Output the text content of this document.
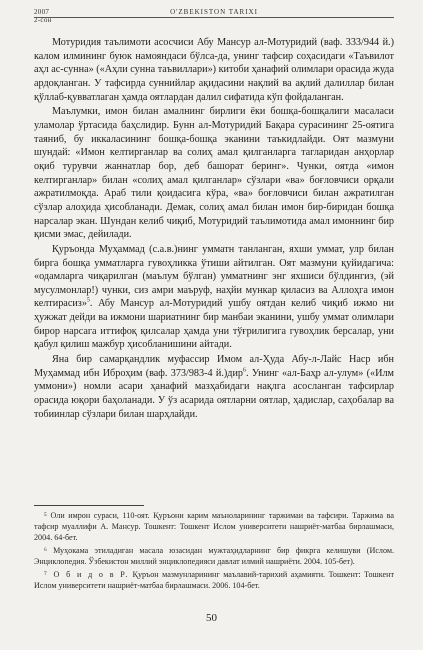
2007
2-сон
O'ZBEKISTON TARIXI

Мотуридия таълимоти асосчиси Абу Мансур ал-Мотуридий (ваф. 333/944 й.) калом илмининг буюк намояндаси бўлса-да, унинг тафсир соҳасидаги «Таъвилот аҳл ас-сунна» («Аҳли сунна таъвиллари») китоби ҳанафий олимлари орасида жуда ардоқланган. У тафсирда суннийлар ақидасини нақлий ва ақлий далиллар билан қўллаб-қувватлаган ҳамда оятлардан далил сифатида кўп фойдаланган.

Маълумки, имон билан амалнинг бирлиги ёки бошқа-бошқалиги масаласи уламолар ўртасида баҳслидир. Бунн ал-Мотуридий Бақара сурасининг 25-оятига таяниб, бу иккаласининг бошқа-бошқа эканини таъкидлайди. Оят мазмуни шундай: «Имон келтирганлар ва солиҳ амал қилганларга тагларидан анҳорлар оқиб турувчи жаннатлар бор, деб башорат беринг». Чунки, оятда «имон келтирганлар» билан «солиҳ амал қилганлар» сўзлари «ва» боғловчиси орқали ажратилмоқда. Араб тили қоидасига кўра, «ва» боғловчиси билан ажратилган сўзлар алоҳида ҳисобланади. Демак, солиҳ амал билан имон бир-биридан бошқа нарсалар экан. Шундан келиб чиқиб, Мотуридий таълимотида амал имоннинг бир қисми эмас, дейилади.

Қуръонда Муҳаммад (с.а.в.)нинг умматн танланган, яхши уммат, улр билан бирга бошқа умматларга гувоҳликка ўтиши айтилган. Оят мазмуни қуйидагича: «одамларга чиқарилган (маълум бўлган) умматнинг энг яхшиси бўлдингиз, (эй мусулмонлар!) чунки, сиз амри маъруф, наҳйи мункар қиласиз ва Аллоҳга имон келтирасиз»$^5$. Абу Мансур ал-Мотуридий ушбу оятдан келиб чиқиб ижмо ни ҳужжат дейди ва ижмони шариатнинг бир манбаи эканини, ушбу уммат олимлари бирор нарсага иттифоқ қилсалар ҳамда уни тўғрилигига гувоҳлик берсалар, уни қабул қилиш мажбур ҳисобланишини айтади.

Яна бир самарқандлик муфассир Имом ал-Ҳуда Абу-л-Лайс Наср ибн Муҳаммад ибн Иброҳим (ваф. 373/983-4 й.)дир$^6$. Унинг «ал-Баҳр ал-улум» («Илм уммони») номли асари ҳанафий мазҳабидаги нақлга асосланган тафсирлар орасида юқори баҳоланади. У ўз асарида оятларни оятлар, ҳадислар, саҳобалар ва тобиинлар сўзлари билан шарҳлайди.

⁵ Оли имрон сураси, 110-оят. Қуръони карим маъноларининг таржимаи ва тафсири. Таржима ва тафсир муаллифи А. Мансур. Тошкент: Тошкент Ислом университети нашриёт-матбаа бирлашмаси, 2004. 64-бет.

⁶ Муҳокама этиладиган масала юзасидан мужтаҳидларнинг бир фикрга келишуви (Ислом. Энциклопедия. Ўзбекистон миллий энциклопедияси давлат илмий нашриёти. 2004. 105-бет).

⁷ О б и д о в Р. Қуръон мазмунларининг маълавий-тарихий аҳамияти. Тошкент: Тошкент Ислом университети нашриёт-матбаа бирлашмаси. 2006. 104-бет.

50
